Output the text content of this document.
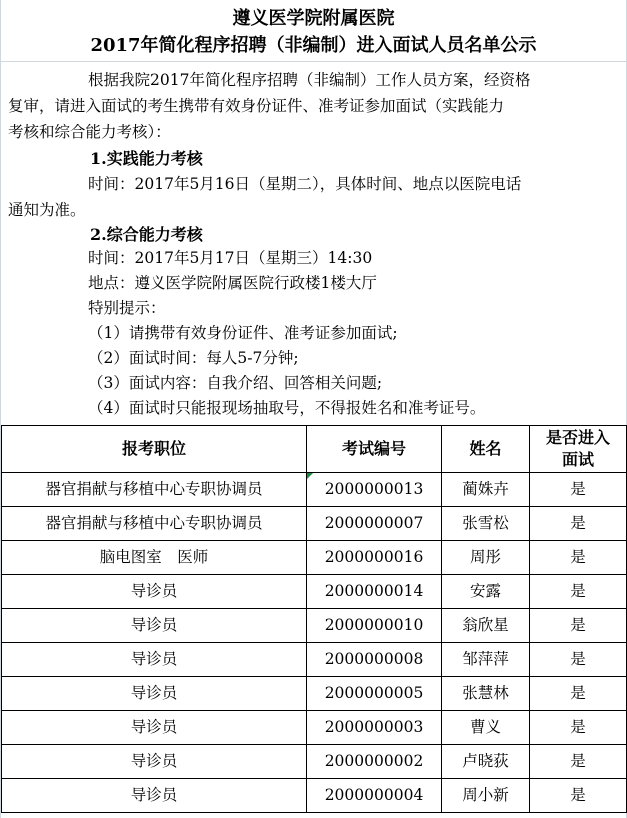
遵义医学院附属医院
2017年简化程序招聘（非编制）进入面试人员名单公示
根据我院2017年简化程序招聘（非编制）工作人员方案，经资格
复审，请进入面试的考生携带有效身份证件、准考证参加面试（实践能力
考核和综合能力考核）：
1.实践能力考核
时间：2017年5月16日（星期二），具体时间、地点以医院电话
通知为准。
2.综合能力考核
时间：2017年5月17日（星期三）14:30
地点：遵义医学院附属医院行政楼1楼大厅
特别提示：
（1）请携带有效身份证件、准考证参加面试;
（2）面试时间：每人5-7分钟;
（3）面试内容：自我介绍、回答相关问题;
（4）面试时只能报现场抽取号，不得报姓名和准考证号。
报考职位	考试编号	姓名	是否进入
面试
器官捐献与移植中心专职协调员	2000000013	蔺姝卉	是
器官捐献与移植中心专职协调员	2000000007	张雪松	是
脑电图室　医师	2000000016	周彤	是
导诊员	2000000014	安露	是
导诊员	2000000010	翁欣星	是
导诊员	2000000008	邹萍萍	是
导诊员	2000000005	张慧林	是
导诊员	2000000003	曹义	是
导诊员	2000000002	卢晓荻	是
导诊员	2000000004	周小新	是
